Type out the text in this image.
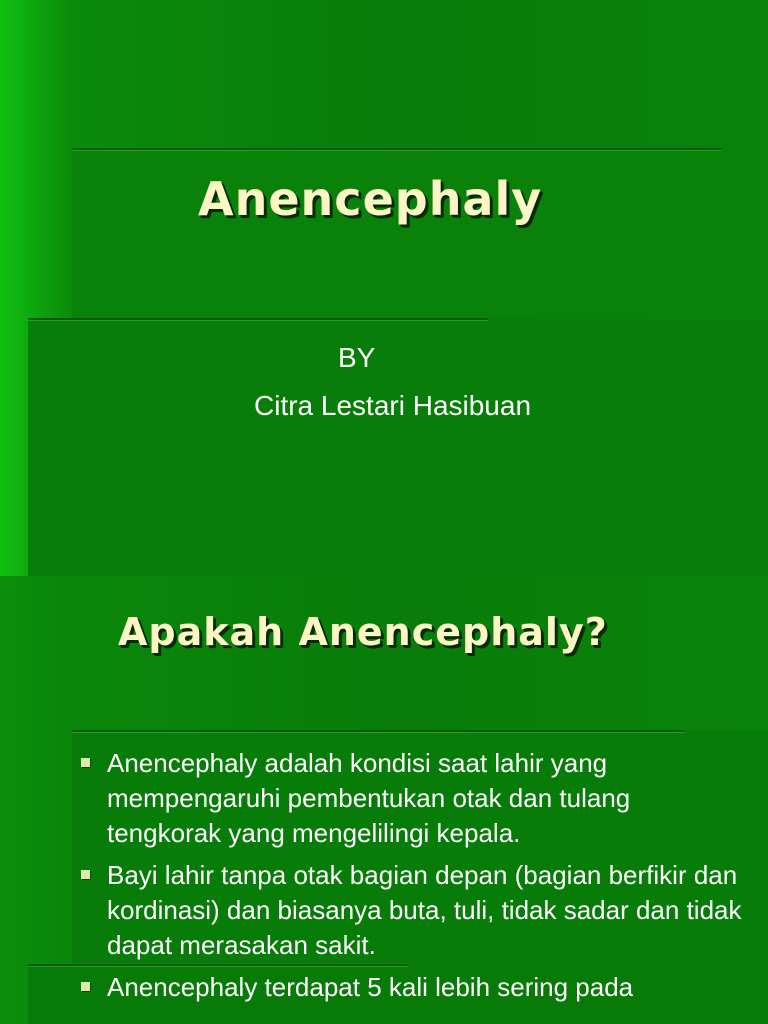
Anencephaly
BY
Citra Lestari Hasibuan
Apakah Anencephaly?
Anencephaly adalah kondisi saat lahir yang mempengaruhi pembentukan otak dan tulang tengkorak yang mengelilingi kepala.
Bayi lahir tanpa otak bagian depan (bagian berfikir dan kordinasi) dan biasanya buta, tuli, tidak sadar dan tidak dapat merasakan sakit.
Anencephaly terdapat 5 kali lebih sering pada
